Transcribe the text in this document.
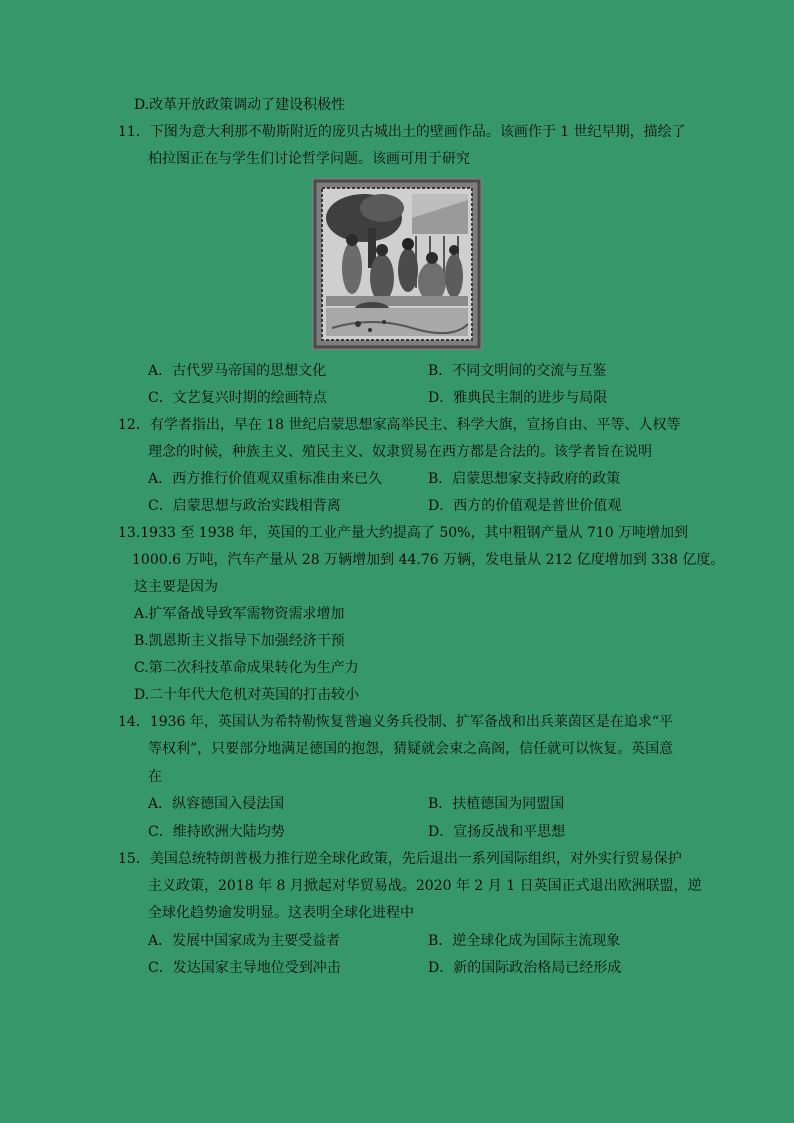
D.改革开放政策调动了建设积极性
11．下图为意大利那不勒斯附近的庞贝古城出土的壁画作品。该画作于 1 世纪早期，描绘了
柏拉图正在与学生们讨论哲学问题。该画可用于研究
A．古代罗马帝国的思想文化	B．不同文明间的交流与互鉴
C．文艺复兴时期的绘画特点	D．雅典民主制的进步与局限
12．有学者指出，早在 18 世纪启蒙思想家高举民主、科学大旗，宣扬自由、平等、人权等
理念的时候，种族主义、殖民主义、奴隶贸易在西方都是合法的。该学者旨在说明
A．西方推行价值观双重标准由来已久	B．启蒙思想家支持政府的政策
C．启蒙思想与政治实践相背离	D．西方的价值观是普世价值观
13.1933 至 1938 年，英国的工业产量大约提高了 50%，其中粗钢产量从 710 万吨增加到
1000.6 万吨，汽车产量从 28 万辆增加到 44.76 万辆，发电量从 212 亿度增加到 338 亿度。
这主要是因为
A.扩军备战导致军需物资需求增加
B.凯恩斯主义指导下加强经济干预
C.第二次科技革命成果转化为生产力
D.二十年代大危机对英国的打击较小
14．1936 年，英国认为希特勒恢复普遍义务兵役制、扩军备战和出兵莱茵区是在追求“平
等权利”，只要部分地满足德国的抱怨，猜疑就会束之高阁，信任就可以恢复。英国意
在
A．纵容德国入侵法国	B．扶植德国为同盟国
C．维持欧洲大陆均势	D．宣扬反战和平思想
15．美国总统特朗普极力推行逆全球化政策，先后退出一系列国际组织，对外实行贸易保护
主义政策，2018 年 8 月掀起对华贸易战。2020 年 2 月 1 日英国正式退出欧洲联盟，逆
全球化趋势逾发明显。这表明全球化进程中
A．发展中国家成为主要受益者	B．逆全球化成为国际主流现象
C．发达国家主导地位受到冲击	D．新的国际政治格局已经形成
